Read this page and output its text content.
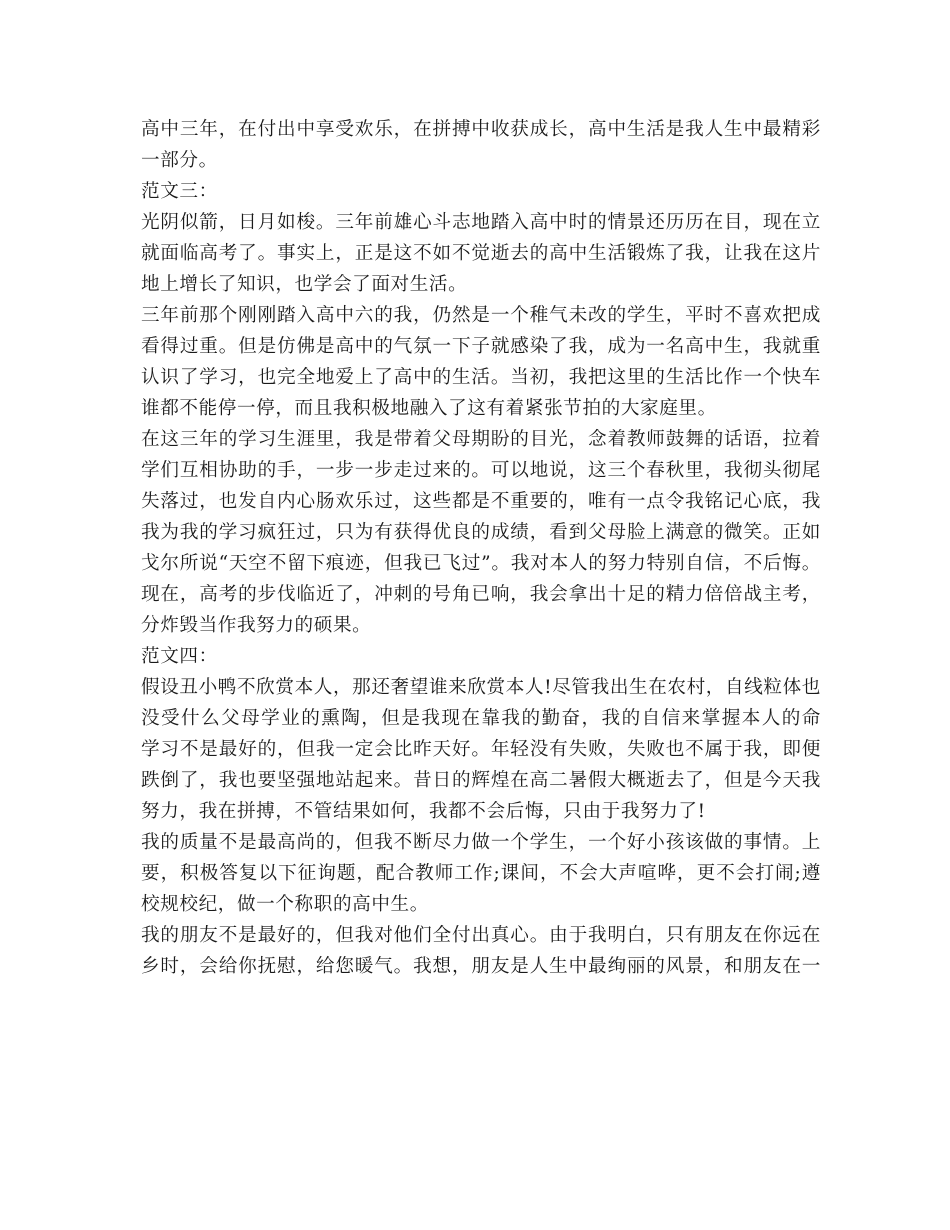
高中三年，在付出中享受欢乐，在拼搏中收获成长，高中生活是我人生中最精彩
一部分。
范文三：
光阴似箭，日月如梭。三年前雄心斗志地踏入高中时的情景还历历在目，现在立
就面临高考了。事实上，正是这不如不觉逝去的高中生活锻炼了我，让我在这片
地上增长了知识，也学会了面对生活。
三年前那个刚刚踏入高中六的我，仍然是一个稚气未改的学生，平时不喜欢把成
看得过重。但是仿佛是高中的气氛一下子就感染了我，成为一名高中生，我就重
认识了学习，也完全地爱上了高中的生活。当初，我把这里的生活比作一个快车
谁都不能停一停，而且我积极地融入了这有着紧张节拍的大家庭里。
在这三年的学习生涯里，我是带着父母期盼的目光，念着教师鼓舞的话语，拉着
学们互相协助的手，一步一步走过来的。可以地说，这三个春秋里，我彻头彻尾
失落过，也发自内心肠欢乐过，这些都是不重要的，唯有一点令我铭记心底，我
我为我的学习疯狂过，只为有获得优良的成绩，看到父母脸上满意的微笑。正如
戈尔所说“天空不留下痕迹，但我已飞过”。我对本人的努力特别自信，不后悔。
现在，高考的步伐临近了，冲刺的号角已响，我会拿出十足的精力倍倍战主考，
分炸毁当作我努力的硕果。
范文四：
假设丑小鸭不欣赏本人，那还奢望谁来欣赏本人!尽管我出生在农村，自线粒体也
没受什么父母学业的熏陶，但是我现在靠我的勤奋，我的自信来掌握本人的命
学习不是最好的，但我一定会比昨天好。年轻没有失败，失败也不属于我，即便
跌倒了，我也要坚强地站起来。昔日的辉煌在高二暑假大概逝去了，但是今天我
努力，我在拼搏，不管结果如何，我都不会后悔，只由于我努力了!
我的质量不是最高尚的，但我不断尽力做一个学生，一个好小孩该做的事情。上
要，积极答复以下征询题，配合教师工作;课间，不会大声喧哗，更不会打闹;遵
校规校纪，做一个称职的高中生。
我的朋友不是最好的，但我对他们全付出真心。由于我明白，只有朋友在你远在
乡时，会给你抚慰，给您暖气。我想，朋友是人生中最绚丽的风景，和朋友在一
